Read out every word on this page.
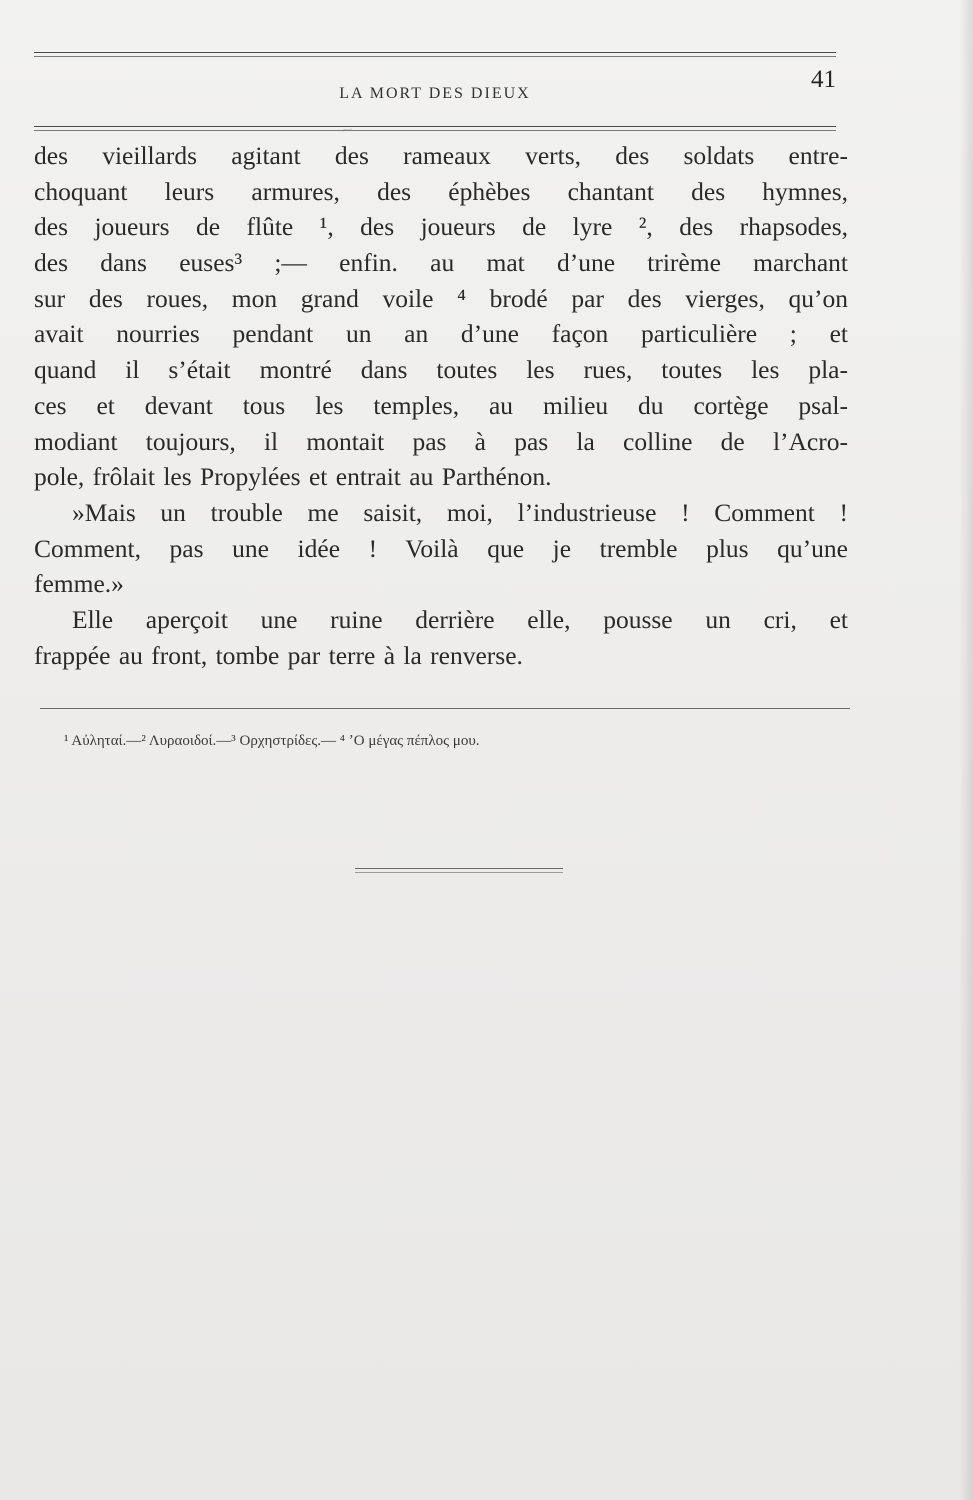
LA MORT DES DIEUX
41
~
des vieillards agitant des rameaux verts, des soldats entre-
choquant leurs armures, des éphèbes chantant des hymnes,
des joueurs de flûte ¹, des joueurs de lyre ², des rhapsodes,
des dans euses³ ;— enfin. au mat d’une trirème marchant
sur des roues, mon grand voile ⁴ brodé par des vierges, qu’on
avait nourries pendant un an d’une façon particulière ; et
quand il s’était montré dans toutes les rues, toutes les pla-
ces et devant tous les temples, au milieu du cortège psal-
modiant toujours, il montait pas à pas la colline de l’Acro-
pole, frôlait les Propylées et entrait au Parthénon.
»Mais un trouble me saisit, moi, l’industrieuse ! Comment !
Comment, pas une idée ! Voilà que je tremble plus qu’une
femme.»
Elle aperçoit une ruine derrière elle, pousse un cri, et
frappée au front, tombe par terre à la renverse.
¹ Αὐληταί.—² Λυραοιδοί.—³ Ορχηστρίδες.— ⁴ ʼΟ μέγας πέπλος μου.
